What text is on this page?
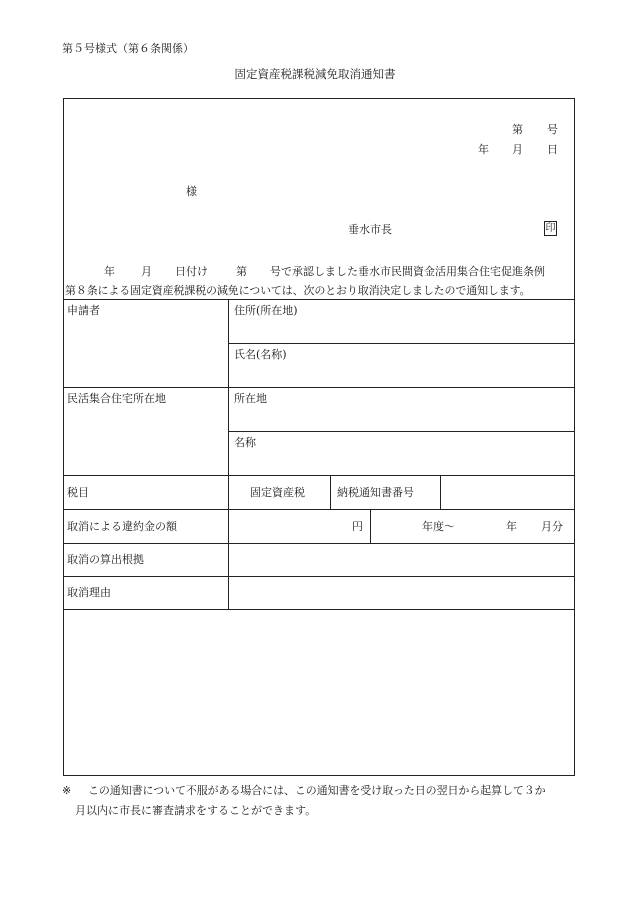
第５号様式（第６条関係）
固定資産税課税減免取消通知書
第 号
年 月 日
様
垂水市長	印
年 月 日付け	第 号で承認しました垂水市民間資金活用集合住宅促進条例
第８条による固定資産税課税の減免については、次のとおり取消決定しましたので通知します。
申請者	住所(所在地)
氏名(名称)
民活集合住宅所在地	所在地
名称
税目	固定資産税	納税通知書番号
取消による違約金の額	円	年度～	年 月分
取消の算出根拠
取消理由
※ この通知書について不服がある場合には、この通知書を受け取った日の翌日から起算して３か
月以内に市長に審査請求をすることができます。
